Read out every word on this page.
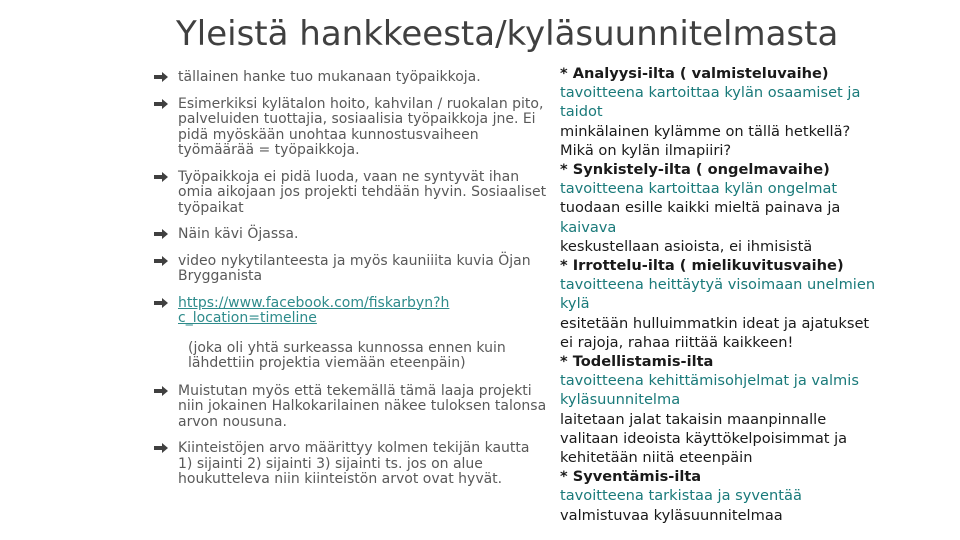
Yleistä hankkeesta/kyläsuunnitelmasta
tällainen hanke tuo mukanaan työpaikkoja.
Esimerkiksi kylätalon hoito, kahvilan / ruokalan pito, palveluiden tuottajia, sosiaalisia työpaikkoja jne. Ei pidä myöskään unohtaa kunnostusvaiheen työmäärää = työpaikkoja.
Työpaikkoja ei pidä luoda, vaan ne syntyvät ihan omia aikojaan jos projekti tehdään hyvin. Sosiaaliset työpaikat
Näin kävi Öjassa.
video nykytilanteesta ja myös kauniiita kuvia Öjan Brygganista
https://www.facebook.com/fiskarbyn?h c_location=timeline
(joka oli yhtä surkeassa kunnossa ennen kuin lähdettiin projektia viemään eteenpäin)
Muistutan myös että tekemällä tämä laaja projekti niin jokainen Halkokarilainen näkee tuloksen talonsa arvon nousuna.
Kiinteistöjen arvo määrittyy kolmen tekijän kautta 1) sijainti 2) sijainti 3) sijainti ts. jos on alue houkutteleva niin kiinteistön arvot ovat hyvät.
* Analyysi-ilta ( valmisteluvaihe)
tavoitteena kartoittaa kylän osaamiset ja
taidot
minkälainen kylämme on tällä hetkellä?
Mikä on kylän ilmapiiri?
* Synkistely-ilta ( ongelmavaihe)
tavoitteena kartoittaa kylän ongelmat
tuodaan esille kaikki mieltä painava ja
kaivava
keskustellaan asioista, ei ihmisistä
* Irrottelu-ilta ( mielikuvitusvaihe)
tavoitteena heittäytyä visoimaan unelmien
kylä
esitetään hulluimmatkin ideat ja ajatukset
ei rajoja, rahaa riittää kaikkeen!
* Todellistamis-ilta
tavoitteena kehittämisohjelmat ja valmis
kyläsuunnitelma
laitetaan jalat takaisin maanpinnalle
valitaan ideoista käyttökelpoisimmat ja
kehitetään niitä eteenpäin
* Syventämis-ilta
tavoitteena tarkistaa ja syventää
valmistuvaa kyläsuunnitelmaa
